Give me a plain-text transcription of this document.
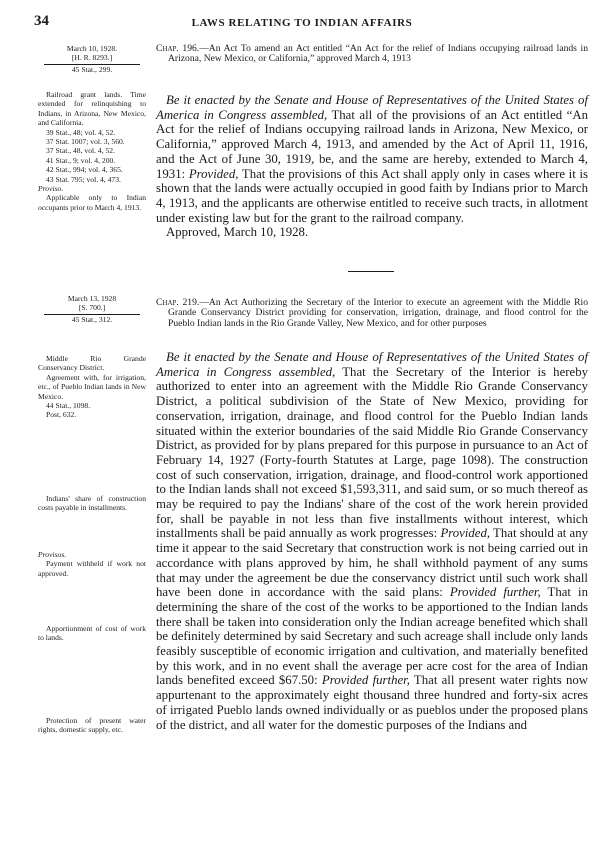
34	LAWS RELATING TO INDIAN AFFAIRS
March 10, 1928.
[H. R. 8293.]
45 Stat., 299.
Railroad grant lands. Time extended for relinquishing to Indians, in Arizona, New Mexico, and California.
39 Stat., 48; vol. 4, 52.
37 Stat. 1007; vol. 3, 560.
37 Stat., 48, vol. 4, 52.
41 Stat., 9; vol. 4, 200.
42 Stat., 994; vol. 4, 365.
43 Stat. 795; vol. 4, 473.
Proviso.
Applicable only to Indian occupants prior to March 4, 1913.
Chap. 196.—An Act To amend an Act entitled “An Act for the relief of Indians occupying railroad lands in Arizona, New Mexico, or California,” approved March 4, 1913

Be it enacted by the Senate and House of Representatives of the United States of America in Congress assembled, That all of the provisions of an Act entitled “An Act for the relief of Indians occupying railroad lands in Arizona, New Mexico, or California,” approved March 4, 1913, and amended by the Act of April 11, 1916, and the Act of June 30, 1919, be, and the same are hereby, extended to March 4, 1931: Provided, That the provisions of this Act shall apply only in cases where it is shown that the lands were actually occupied in good faith by Indians prior to March 4, 1913, and the applicants are otherwise entitled to receive such tracts, in allotment under existing law but for the grant to the railroad company.

Approved, March 10, 1928.

March 13, 1928
[S. 700.]
45 Stat., 312.
Middle Rio Grande Conservancy District.
Agreement with, for irrigation, etc., of Pueblo Indian lands in New Mexico.
44 Stat., 1098.
Post, 632.
Indians' share of construction costs payable in installments.
Provisos.
Payment withheld if work not approved.
Apportionment of cost of work to lands.
Protection of present water rights, domestic supply, etc.
Chap. 219.—An Act Authorizing the Secretary of the Interior to execute an agreement with the Middle Rio Grande Conservancy District providing for conservation, irrigation, drainage, and flood control for the Pueblo Indian lands in the Rio Grande Valley, New Mexico, and for other purposes

Be it enacted by the Senate and House of Representatives of the United States of America in Congress assembled, That the Secretary of the Interior is hereby authorized to enter into an agreement with the Middle Rio Grande Conservancy District, a political subdivision of the State of New Mexico, providing for conservation, irrigation, drainage, and flood control for the Pueblo Indian lands situated within the exterior boundaries of the said Middle Rio Grande Conservancy District, as provided for by plans prepared for this purpose in pursuance to an Act of February 14, 1927 (Forty-fourth Statutes at Large, page 1098). The construction cost of such conservation, irrigation, drainage, and flood-control work apportioned to the Indian lands shall not exceed $1,593,311, and said sum, or so much thereof as may be required to pay the Indians' share of the cost of the work herein provided for, shall be payable in not less than five installments without interest, which installments shall be paid annually as work progresses: Provided, That should at any time it appear to the said Secretary that construction work is not being carried out in accordance with plans approved by him, he shall withhold payment of any sums that may under the agreement be due the conservancy district until such work shall have been done in accordance with the said plans: Provided further, That in determining the share of the cost of the works to be apportioned to the Indian lands there shall be taken into consideration only the Indian acreage benefited which shall be definitely determined by said Secretary and such acreage shall include only lands feasibly susceptible of economic irrigation and cultivation, and materially benefited by this work, and in no event shall the average per acre cost for the area of Indian lands benefited exceed $67.50: Provided further, That all present water rights now appurtenant to the approximately eight thousand three hundred and forty-six acres of irrigated Pueblo lands owned individually or as pueblos under the proposed plans of the district, and all water for the domestic purposes of the Indians and
